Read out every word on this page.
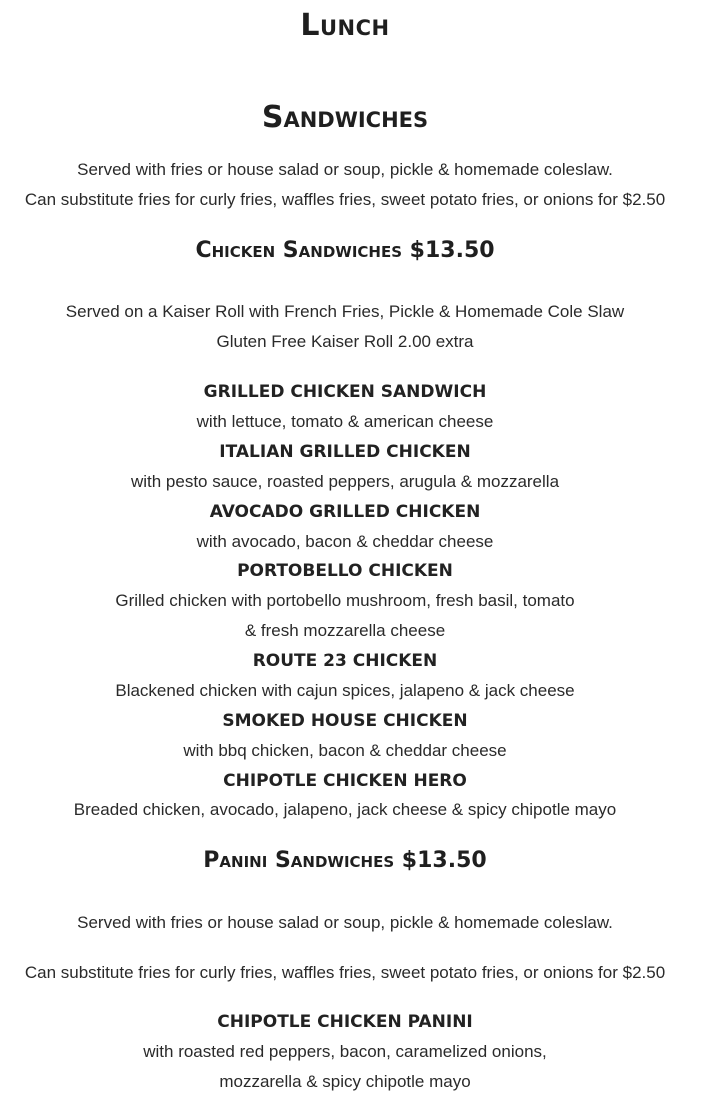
Lunch
Sandwiches
Served with fries or house salad or soup, pickle & homemade coleslaw.
Can substitute fries for curly fries, waffles fries, sweet potato fries, or onions for $2.50
Chicken Sandwiches $13.50
Served on a Kaiser Roll with French Fries, Pickle & Homemade Cole Slaw
Gluten Free Kaiser Roll 2.00 extra
GRILLED CHICKEN SANDWICH
with lettuce, tomato & american cheese
ITALIAN GRILLED CHICKEN
with pesto sauce, roasted peppers, arugula & mozzarella
AVOCADO GRILLED CHICKEN
with avocado, bacon & cheddar cheese
PORTOBELLO CHICKEN
Grilled chicken with portobello mushroom, fresh basil, tomato
& fresh mozzarella cheese
ROUTE 23 CHICKEN
Blackened chicken with cajun spices, jalapeno & jack cheese
SMOKED HOUSE CHICKEN
with bbq chicken, bacon & cheddar cheese
CHIPOTLE CHICKEN HERO
Breaded chicken, avocado, jalapeno, jack cheese & spicy chipotle mayo
Panini Sandwiches $13.50
Served with fries or house salad or soup, pickle & homemade coleslaw.
Can substitute fries for curly fries, waffles fries, sweet potato fries, or onions for $2.50
CHIPOTLE CHICKEN PANINI
with roasted red peppers, bacon, caramelized onions,
mozzarella & spicy chipotle mayo
